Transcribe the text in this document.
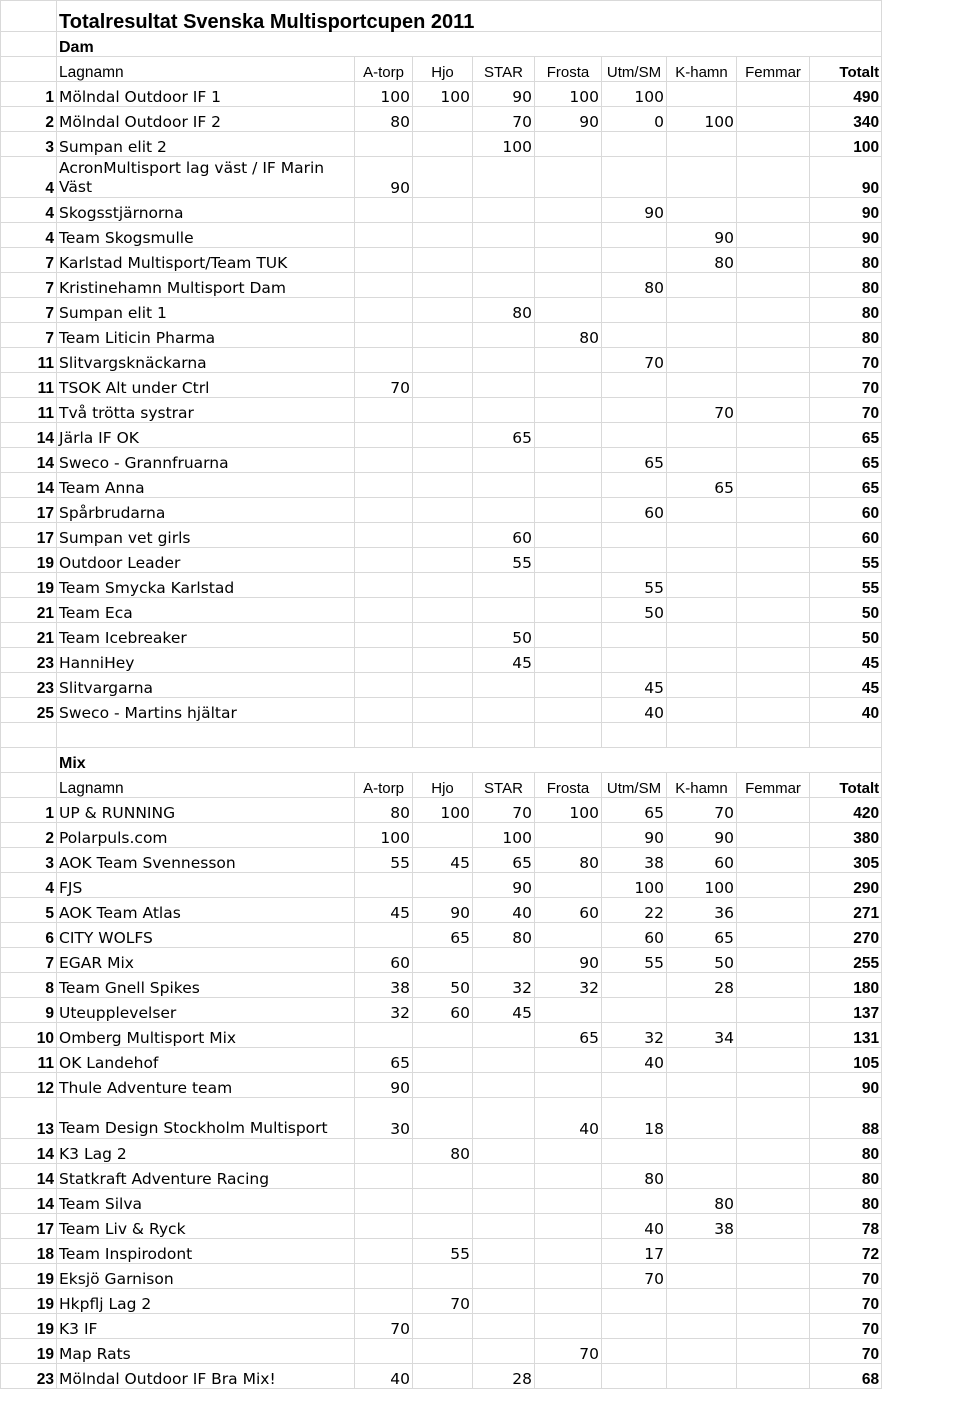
	Totalresultat Svenska Multisportcupen 2011								
	Dam								
	Lagnamn	A-torp	Hjo	STAR	Frosta	Utm/SM	K-hamn	Femmar	Totalt
1	Mölndal Outdoor IF 1	100	100	90	100	100			490
2	Mölndal Outdoor IF 2	80		70	90	0	100		340
3	Sumpan elit 2			100					100
4	AcronMultisport lag väst / IF Marin Väst	90							90
4	Skogsstjärnorna					90			90
4	Team Skogsmulle						90		90
7	Karlstad Multisport/Team TUK						80		80
7	Kristinehamn Multisport Dam					80			80
7	Sumpan elit 1			80					80
7	Team Liticin Pharma				80				80
11	Slitvargsknäckarna					70			70
11	TSOK Alt under Ctrl	70							70
11	Två trötta systrar						70		70
14	Järla IF OK			65					65
14	Sweco - Grannfruarna					65			65
14	Team Anna						65		65
17	Spårbrudarna					60			60
17	Sumpan vet girls			60					60
19	Outdoor Leader			55					55
19	Team Smycka Karlstad					55			55
21	Team Eca					50			50
21	Team Icebreaker			50					50
23	HanniHey			45					45
23	Slitvargarna					45			45
25	Sweco - Martins hjältar					40			40

	Mix								
	Lagnamn	A-torp	Hjo	STAR	Frosta	Utm/SM	K-hamn	Femmar	Totalt
1	UP & RUNNING	80	100	70	100	65	70		420
2	Polarpuls.com	100		100		90	90		380
3	AOK Team Svennesson	55	45	65	80	38	60		305
4	FJS			90		100	100		290
5	AOK Team Atlas	45	90	40	60	22	36		271
6	CITY WOLFS		65	80		60	65		270
7	EGAR Mix	60			90	55	50		255
8	Team Gnell Spikes	38	50	32	32		28		180
9	Uteupplevelser	32	60	45					137
10	Omberg Multisport Mix				65	32	34		131
11	OK Landehof	65				40			105
12	Thule Adventure team	90							90
13	Team Design Stockholm Multisport	30			40	18			88
14	K3 Lag 2		80						80
14	Statkraft Adventure Racing					80			80
14	Team Silva						80		80
17	Team Liv & Ryck					40	38		78
18	Team Inspirodont		55			17			72
19	Eksjö Garnison					70			70
19	Hkpflj Lag 2		70						70
19	K3 IF	70							70
19	Map Rats				70				70
23	Mölndal Outdoor IF Bra Mix!	40		28					68
